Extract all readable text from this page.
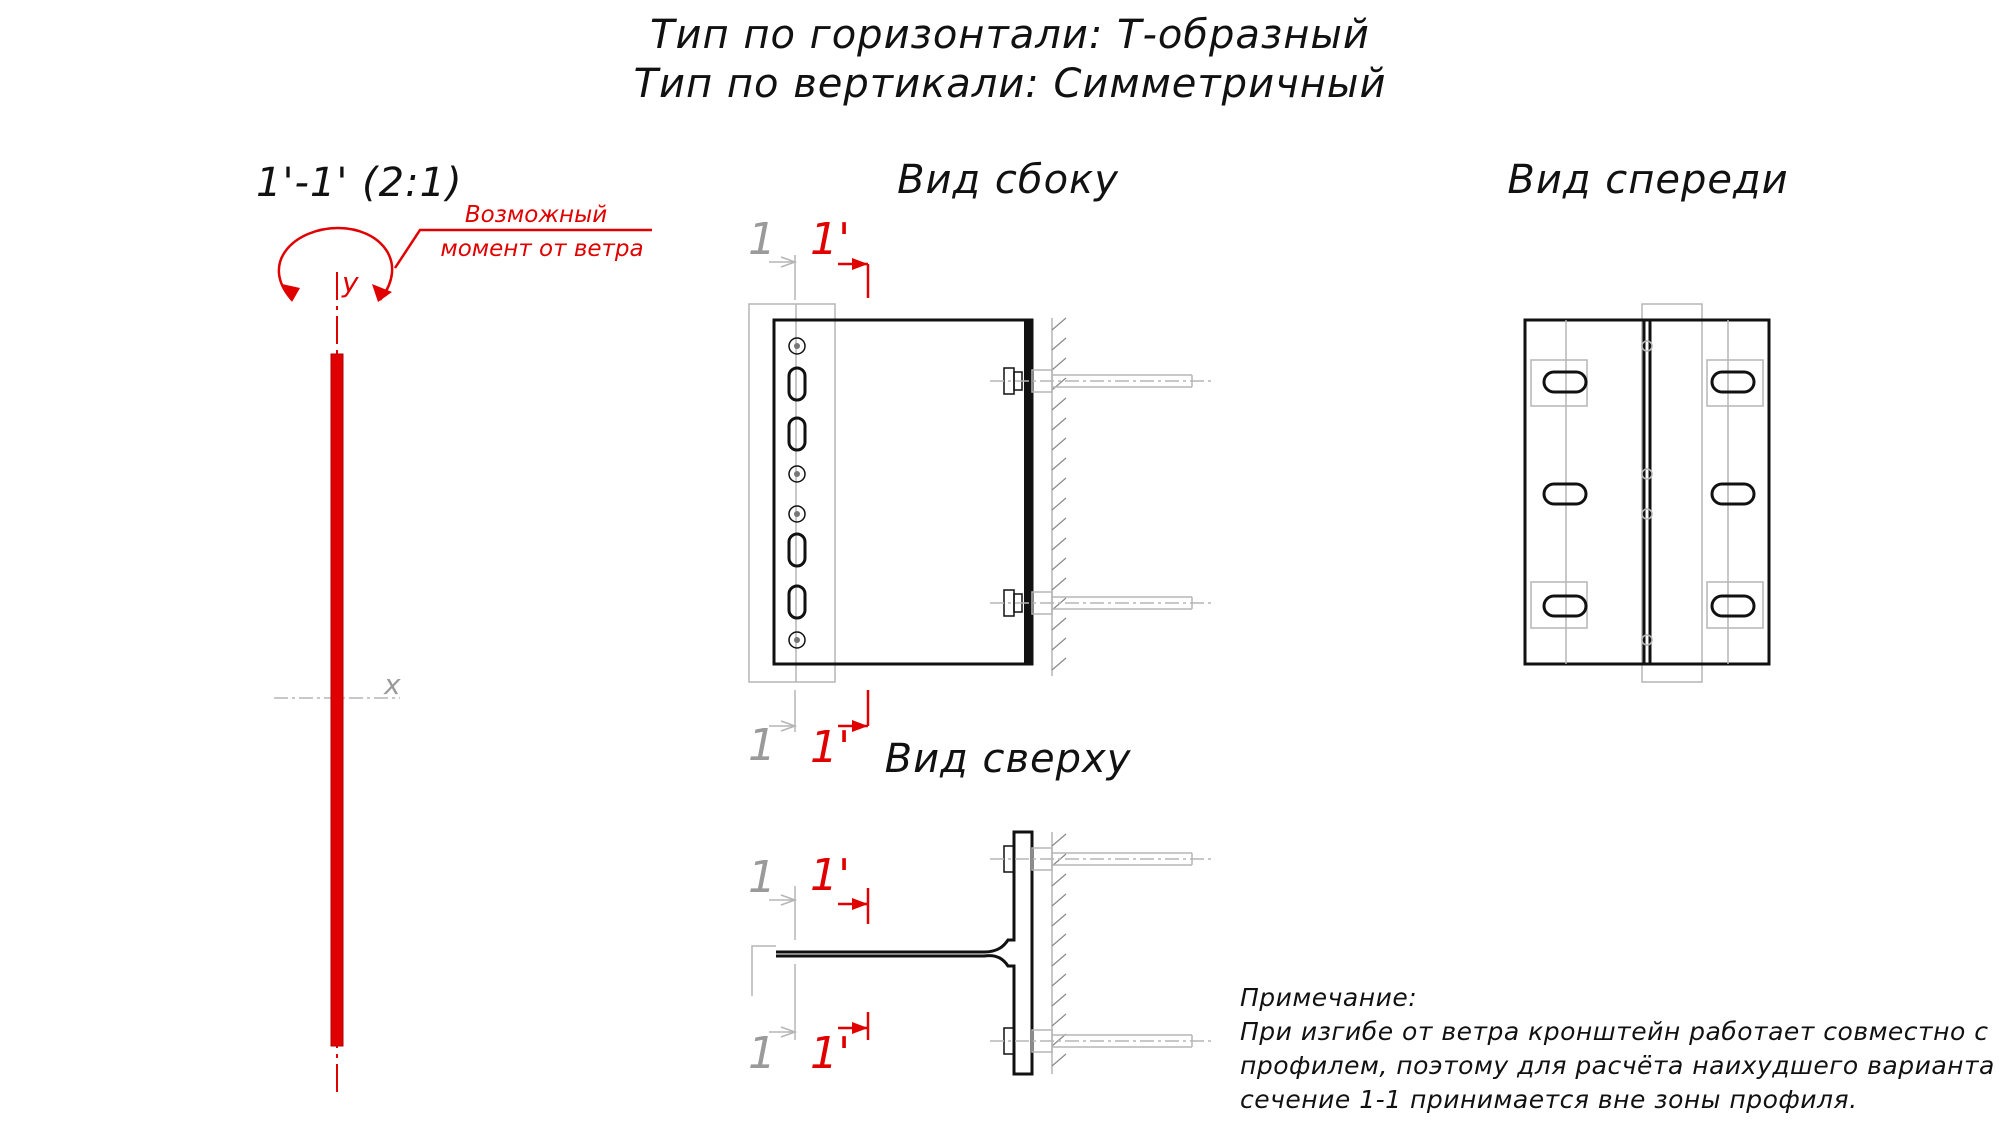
Тип по горизонтали: Т-образный
Тип по вертикали: Симметричный
1'-1' (2:1)
Возможный
момент от ветра
y
x
Вид сбоку
1 1'
1 1'
Вид спереди
Вид сверху
1 1'
1 1'
Примечание:
При изгибе от ветра кронштейн работает совместно с
профилем, поэтому для расчёта наихудшего варианта
сечение 1-1 принимается вне зоны профиля.
